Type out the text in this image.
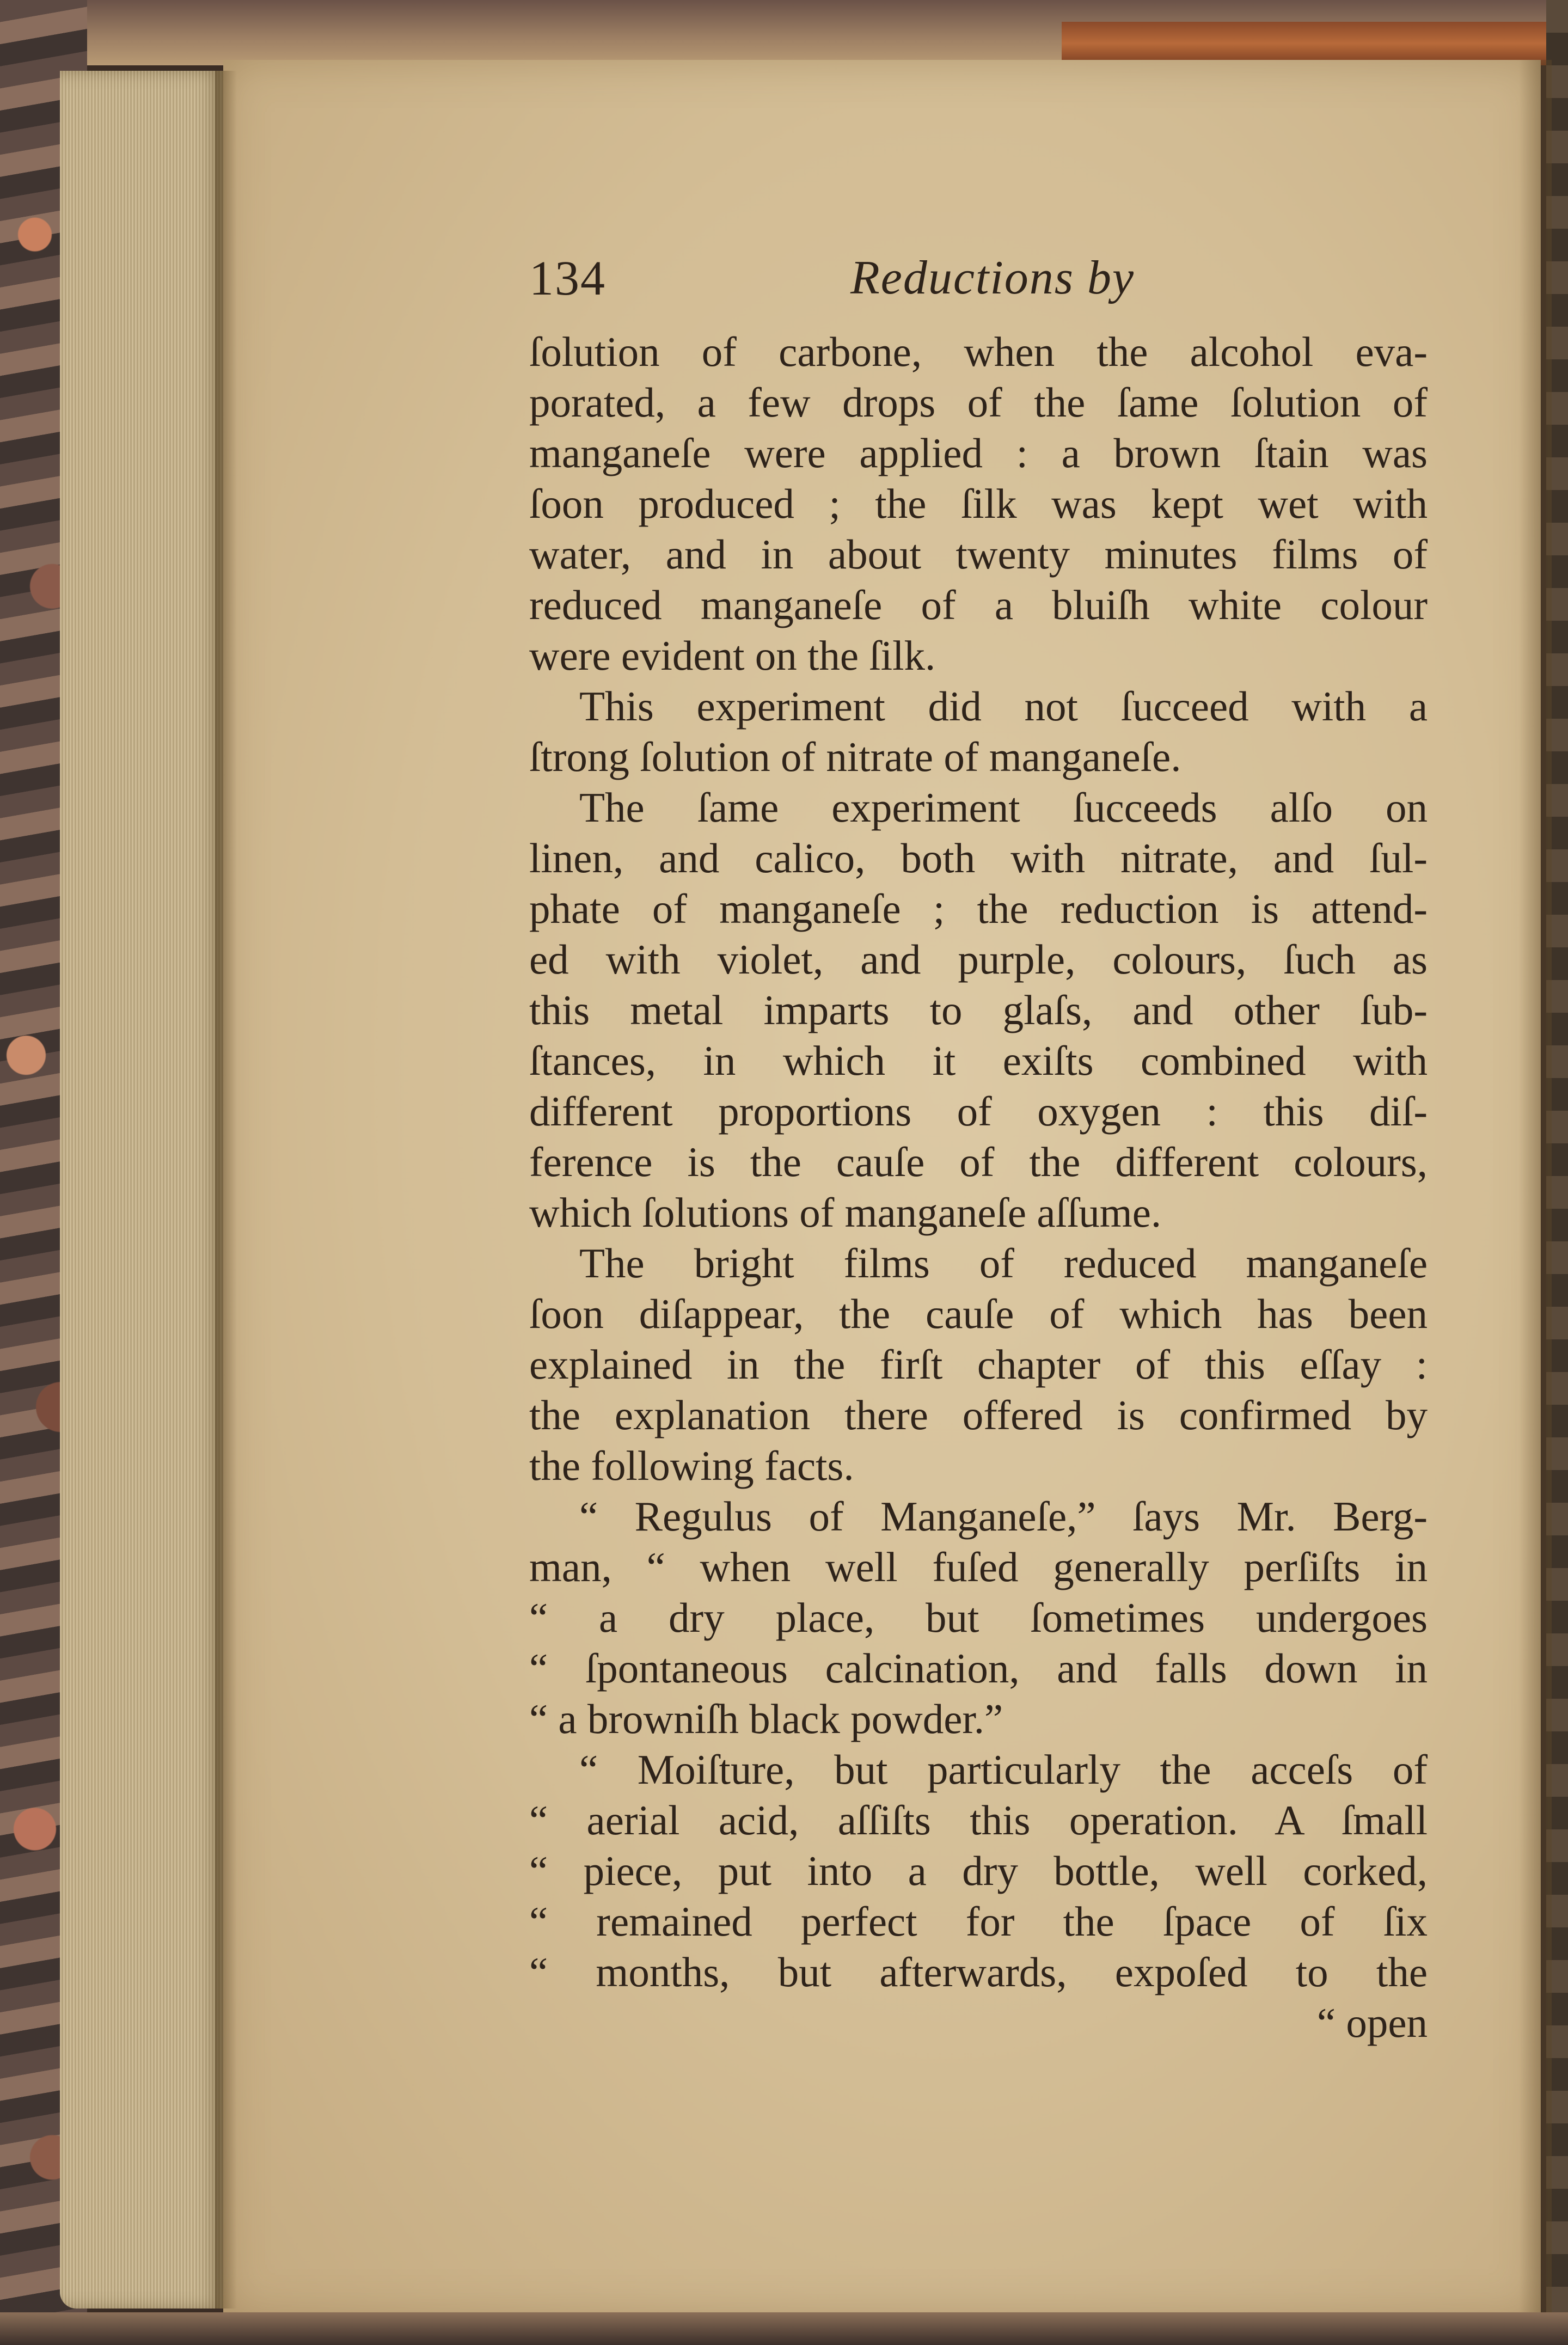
134	Reductions by
ſolution of carbone, when the alcohol eva-
porated, a few drops of the ſame ſolution of
manganeſe were applied : a brown ſtain was
ſoon produced ; the ſilk was kept wet with
water, and in about twenty minutes films of
reduced manganeſe of a bluiſh white colour
were evident on the ſilk.
This experiment did not ſucceed with a
ſtrong ſolution of nitrate of manganeſe.
The ſame experiment ſucceeds alſo on
linen, and calico, both with nitrate, and ſul-
phate of manganeſe ; the reduction is attend-
ed with violet, and purple, colours, ſuch as
this metal imparts to glaſs, and other ſub-
ſtances, in which it exiſts combined with
different proportions of oxygen : this diſ-
ference is the cauſe of the different colours,
which ſolutions of manganeſe aſſume.
The bright films of reduced manganeſe
ſoon diſappear, the cauſe of which has been
explained in the firſt chapter of this eſſay :
the explanation there offered is confirmed by
the following facts.
“ Regulus of Manganeſe,” ſays Mr. Berg-
man, “ when well fuſed generally perſiſts in
“ a dry place, but ſometimes undergoes
“ ſpontaneous calcination, and falls down in
“ a browniſh black powder.”
“ Moiſture, but particularly the acceſs of
“ aerial acid, aſſiſts this operation. A ſmall
“ piece, put into a dry bottle, well corked,
“ remained perfect for the ſpace of ſix
“ months, but afterwards, expoſed to the
“ open
